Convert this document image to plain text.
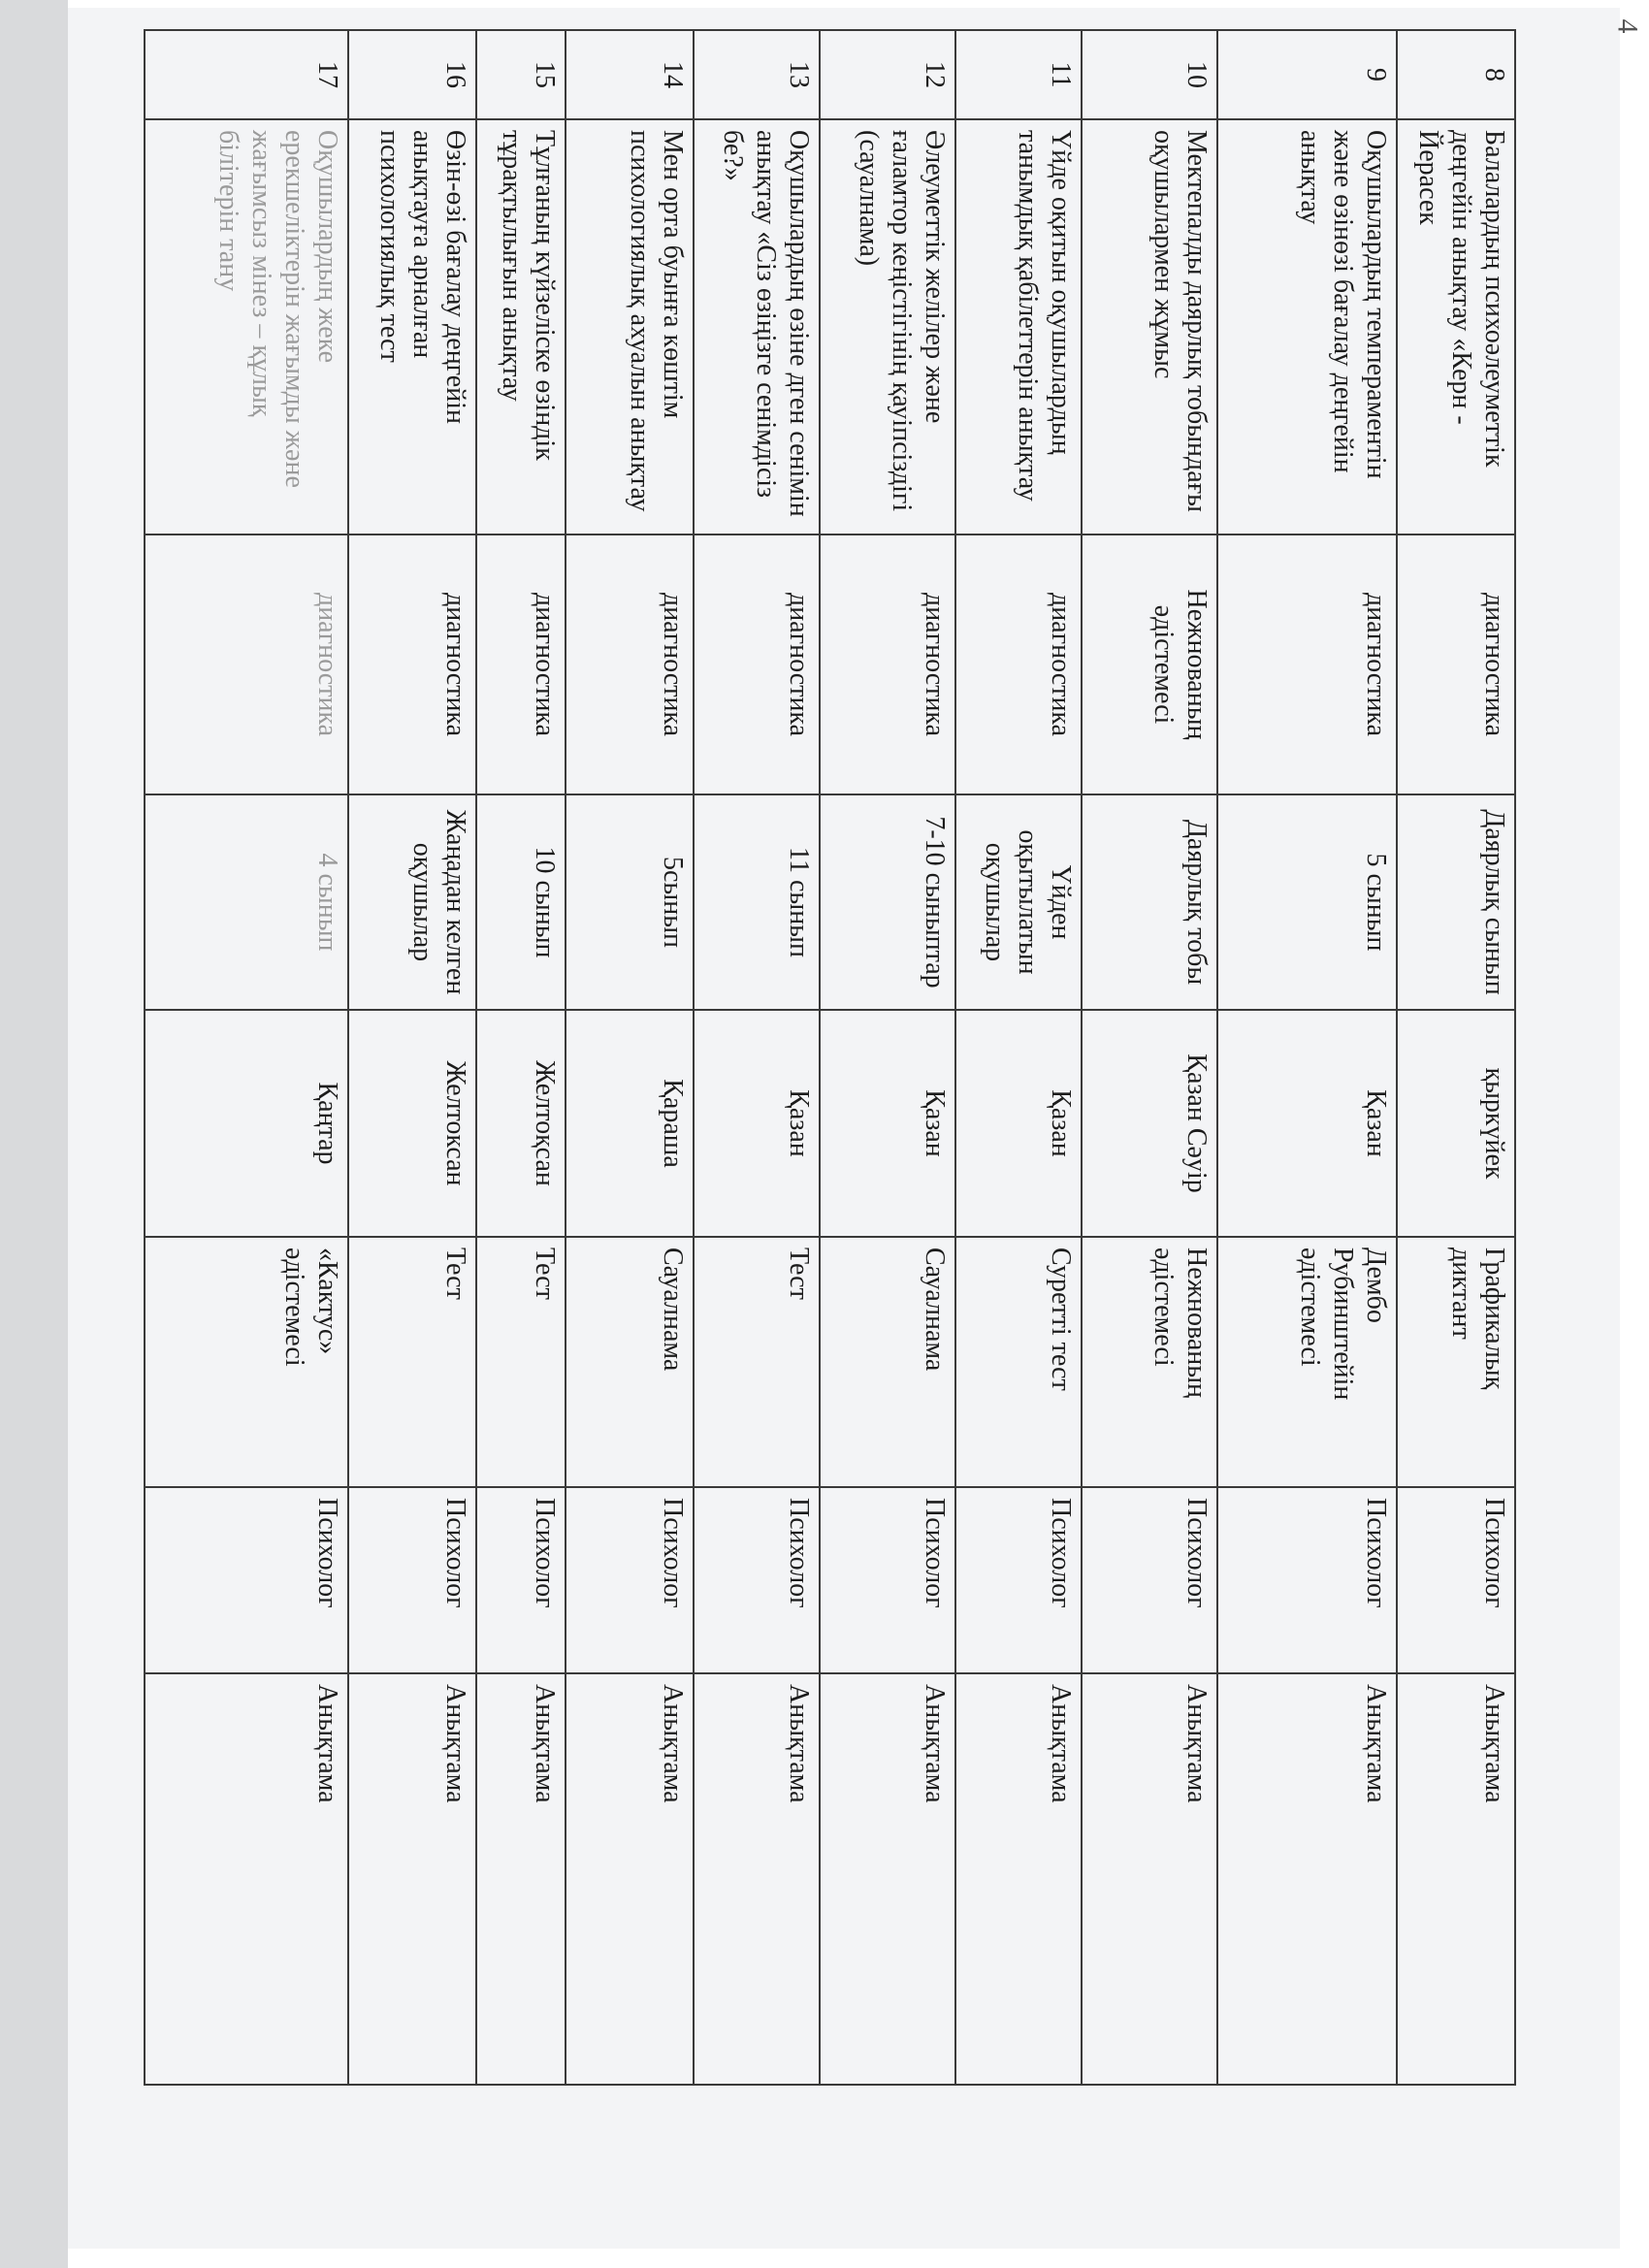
4
8	Балалардың психоәлеуметтік деңгейін анықтау «Керн - Йерасек	диагностика	Даярлық сынып	қыркүйек	Графикалық диктант	Психолог	Анықтама
9	Оқушылардың темпераментін және өзінөзі бағалау деңгейін анықтау	диагностика	5 сынып	Қазан	Дембо Рубинштейін әдістемесі	Психолог	Анықтама
10	Мектепалды даярлық тобындағы оқушылармен жұмыс	Нежнованың әдістемесі	Даярлық тобы	Қазан Сәуір	Нежнованың әдістемесі	Психолог	Анықтама
11	Үйде оқитын оқушылардың танымдық қабілеттерін анықтау	диагностика	Үйден оқытылатын оқушылар	Қазан	Суретті тест	Психолог	Анықтама
12	Әлеуметтік желілер және ғаламтор кеңістігінің қауіпсіздігі (сауалнама)	диагностика	7-10 сыныптар	Қазан	Сауалнама	Психолог	Анықтама
13	Оқушылардың өзіне дген сенімін анықтау «Сіз өзіңізге сенімдісіз бе?»	диагностика	11 сынып	Қазан	Тест	Психолог	Анықтама
14	Мен орта буынға көштім психологиялық ахуалын анықтау	диагностика	5сынып	Қараша	Сауалнама	Психолог	Анықтама
15	Тұлғаның күйзеліске өзіндік тұрақтылығын анықтау	диагностика	10 сынып	Желтоқсан	Тест	Психолог	Анықтама
16	Өзін-өзі бағалау деңгейін анықтауға арналған психологиялық тест	диагностика	Жаңадан келген оқушылар	Желтоксан	Тест	Психолог	Анықтама
17	Оқушылардың жеке ерекшеліктерін жағымды және жағымсыз мінез – құлық білітерін тану	диагностика	4 сынып	Қаңтар	«Кактус» әдістемесі	Психолог	Анықтама
